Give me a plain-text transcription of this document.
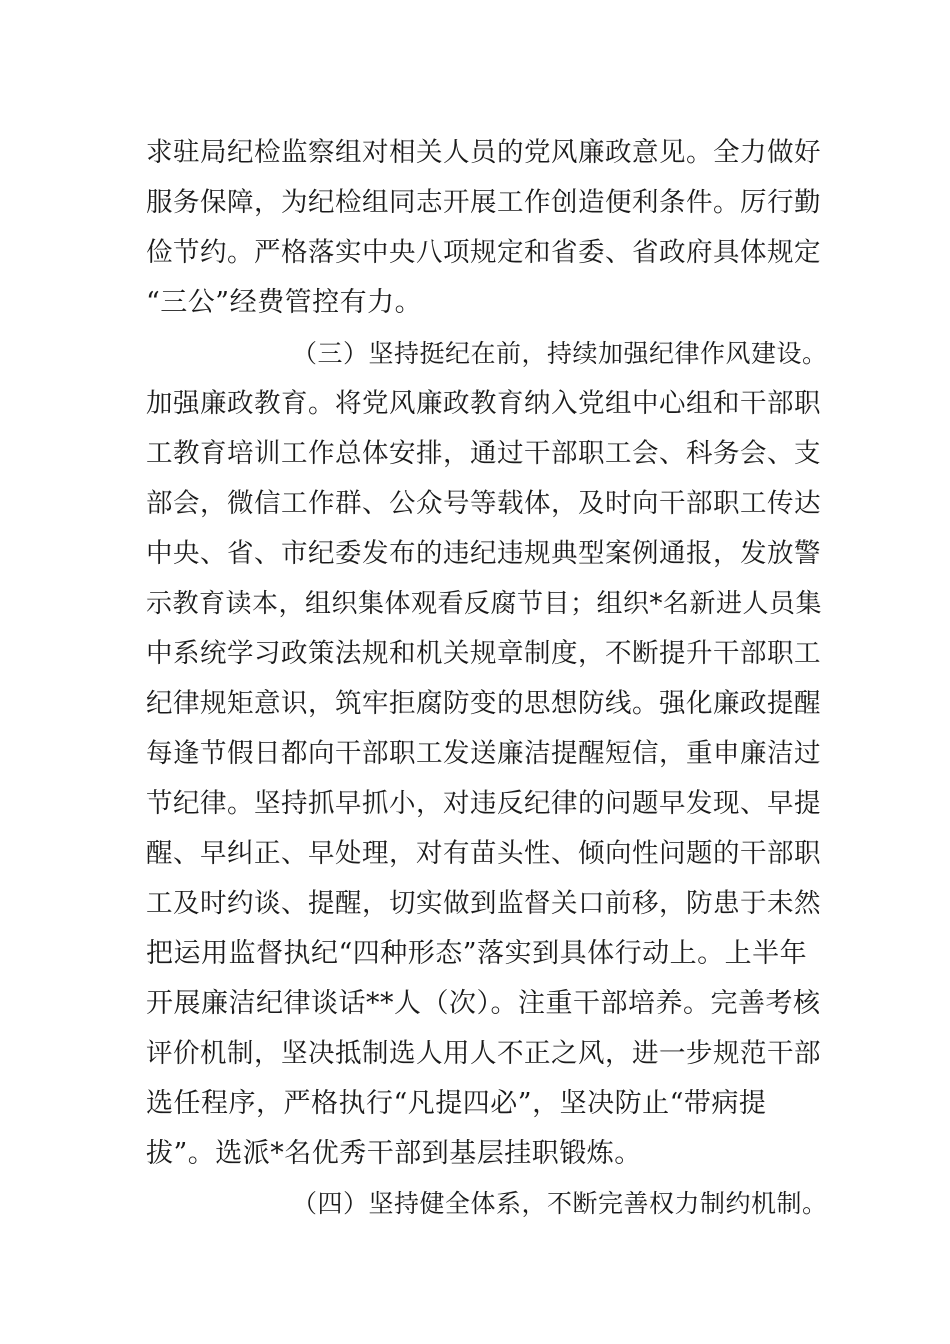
求驻局纪检监察组对相关人员的党风廉政意见。全力做好

服务保障，为纪检组同志开展工作创造便利条件。厉行勤

俭节约。严格落实中央八项规定和省委、省政府具体规定

“三公”经费管控有力。

（三）坚持挺纪在前，持续加强纪律作风建设。

加强廉政教育。将党风廉政教育纳入党组中心组和干部职

工教育培训工作总体安排，通过干部职工会、科务会、支

部会，微信工作群、公众号等载体，及时向干部职工传达

中央、省、市纪委发布的违纪违规典型案例通报，发放警

示教育读本，组织集体观看反腐节目；组织*名新进人员集

中系统学习政策法规和机关规章制度，不断提升干部职工

纪律规矩意识，筑牢拒腐防变的思想防线。强化廉政提醒

每逢节假日都向干部职工发送廉洁提醒短信，重申廉洁过

节纪律。坚持抓早抓小，对违反纪律的问题早发现、早提

醒、早纠正、早处理，对有苗头性、倾向性问题的干部职

工及时约谈、提醒，切实做到监督关口前移，防患于未然

把运用监督执纪“四种形态”落实到具体行动上。上半年

开展廉洁纪律谈话**人（次）。注重干部培养。完善考核

评价机制，坚决抵制选人用人不正之风，进一步规范干部

选任程序，严格执行“凡提四必”，坚决防止“带病提

拔”。选派*名优秀干部到基层挂职锻炼。

（四）坚持健全体系，不断完善权力制约机制。
